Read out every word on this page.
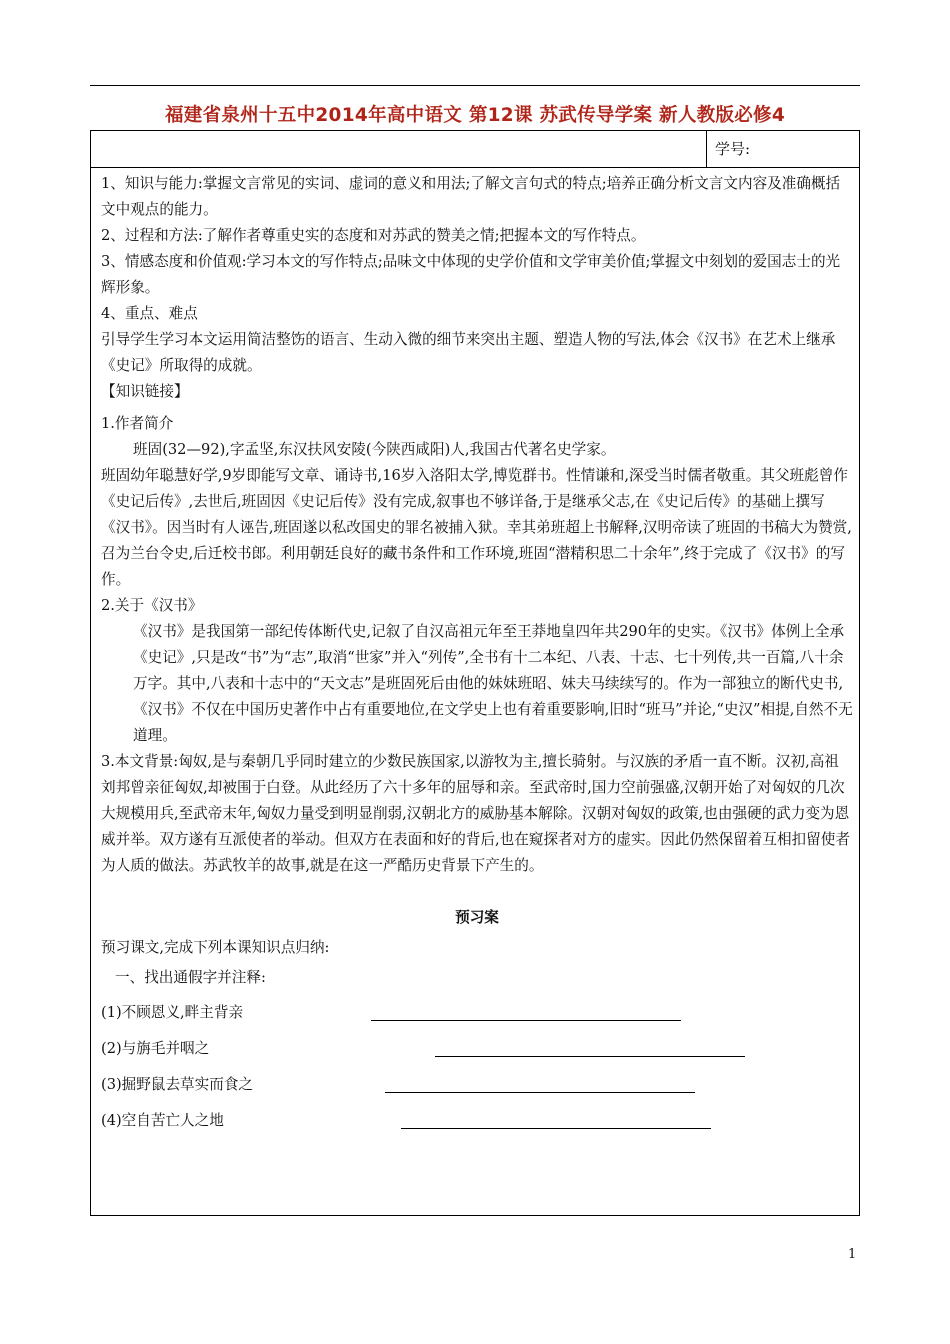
福建省泉州十五中2014年高中语文 第12课 苏武传导学案 新人教版必修4
学号:

1、知识与能力:掌握文言常见的实词、虚词的意义和用法;了解文言句式的特点;培养正确分析文言文内容及准确概括文中观点的能力。

2、过程和方法:了解作者尊重史实的态度和对苏武的赞美之情;把握本文的写作特点。

3、情感态度和价值观:学习本文的写作特点;品味文中体现的史学价值和文学审美价值;掌握文中刻划的爱国志士的光辉形象。

4、重点、难点

引导学生学习本文运用简洁整饬的语言、生动入微的细节来突出主题、塑造人物的写法,体会《汉书》在艺术上继承《史记》所取得的成就。

【知识链接】

1.作者简介

班固(32—92),字孟坚,东汉扶风安陵(今陕西咸阳)人,我国古代著名史学家。

班固幼年聪慧好学,9岁即能写文章、诵诗书,16岁入洛阳太学,博览群书。性情谦和,深受当时儒者敬重。其父班彪曾作《史记后传》,去世后,班固因《史记后传》没有完成,叙事也不够详备,于是继承父志,在《史记后传》的基础上撰写《汉书》。因当时有人诬告,班固遂以私改国史的罪名被捕入狱。幸其弟班超上书解释,汉明帝读了班固的书稿大为赞赏,召为兰台令史,后迁校书郎。利用朝廷良好的藏书条件和工作环境,班固“潜精积思二十余年”,终于完成了《汉书》的写作。

2.关于《汉书》

《汉书》是我国第一部纪传体断代史,记叙了自汉高祖元年至王莽地皇四年共290年的史实。《汉书》体例上全承《史记》,只是改“书”为“志”,取消“世家”并入“列传”,全书有十二本纪、八表、十志、七十列传,共一百篇,八十余万字。其中,八表和十志中的“天文志”是班固死后由他的妹妹班昭、妹夫马续续写的。作为一部独立的断代史书,《汉书》不仅在中国历史著作中占有重要地位,在文学史上也有着重要影响,旧时“班马”并论,“史汉”相提,自然不无道理。

3.本文背景:匈奴,是与秦朝几乎同时建立的少数民族国家,以游牧为主,擅长骑射。与汉族的矛盾一直不断。汉初,高祖刘邦曾亲征匈奴,却被围于白登。从此经历了六十多年的屈辱和亲。至武帝时,国力空前强盛,汉朝开始了对匈奴的几次大规模用兵,至武帝末年,匈奴力量受到明显削弱,汉朝北方的威胁基本解除。汉朝对匈奴的政策,也由强硬的武力变为恩威并举。双方遂有互派使者的举动。但双方在表面和好的背后,也在窥探者对方的虚实。因此仍然保留着互相扣留使者为人质的做法。苏武牧羊的故事,就是在这一严酷历史背景下产生的。

预习案

预习课文,完成下列本课知识点归纳:

一、找出通假字并注释:

(1)不顾恩义,畔主背亲
(2)与旃毛并咽之
(3)掘野鼠去草实而食之
(4)空自苦亡人之地
1
